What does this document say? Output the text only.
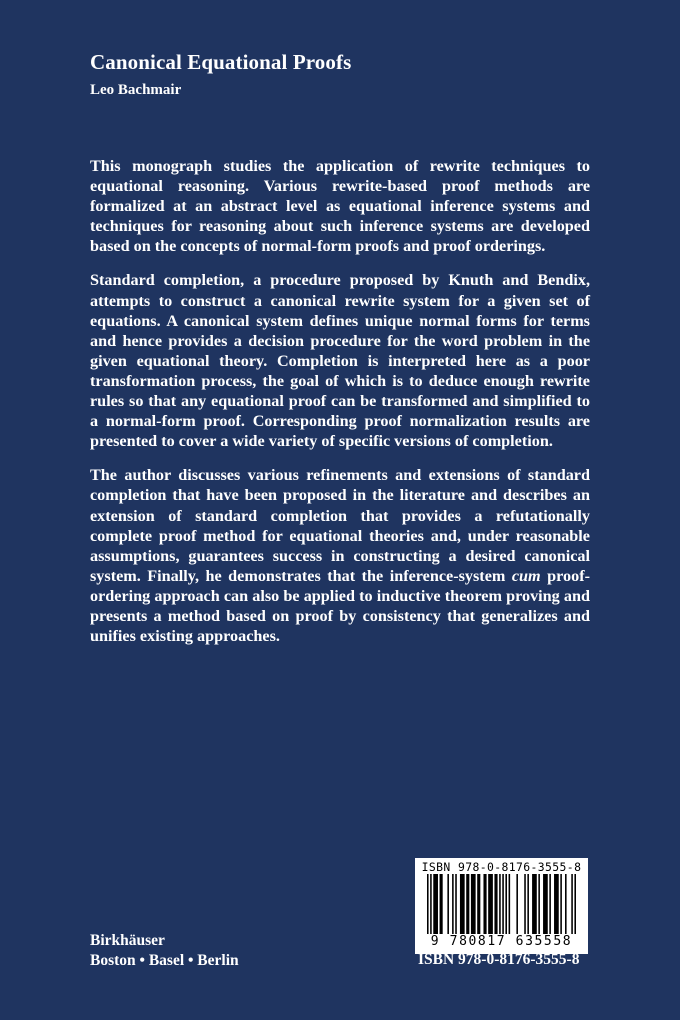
Canonical Equational Proofs
Leo Bachmair

This monograph studies the application of rewrite techniques to equational reasoning. Various rewrite-based proof methods are formalized at an abstract level as equational inference systems and techniques for reasoning about such inference systems are developed based on the concepts of normal-form proofs and proof orderings.

Standard completion, a procedure proposed by Knuth and Bendix, attempts to construct a canonical rewrite system for a given set of equations. A canonical system defines unique normal forms for terms and hence provides a decision procedure for the word problem in the given equational theory. Completion is interpreted here as a poor transformation process, the goal of which is to deduce enough rewrite rules so that any equational proof can be transformed and simplified to a normal-form proof. Corresponding proof normalization results are presented to cover a wide variety of specific versions of completion.

The author discusses various refinements and extensions of standard completion that have been proposed in the literature and describes an extension of standard completion that provides a refutationally complete proof method for equational theories and, under reasonable assumptions, guarantees success in constructing a desired canonical system. Finally, he demonstrates that the inference-system cum proof-ordering approach can also be applied to inductive theorem proving and presents a method based on proof by consistency that generalizes and unifies existing approaches.

Birkhäuser
Boston • Basel • Berlin
ISBN 978-0-8176-3555-8
9 780817 635558
ISBN 978-0-8176-3555-8
